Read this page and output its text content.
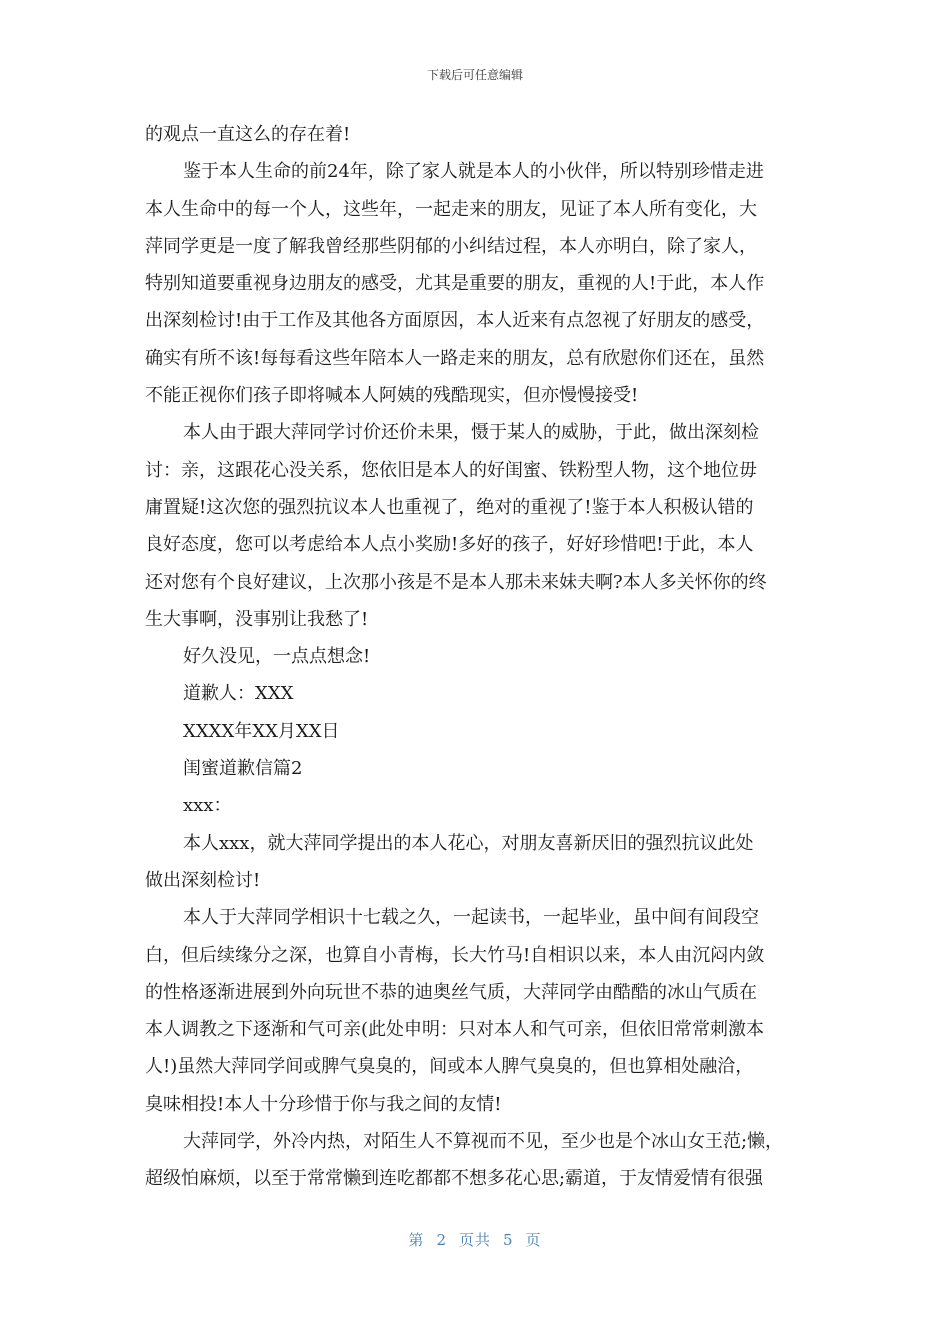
下载后可任意编辑
的观点一直这么的存在着!
鉴于本人生命的前24年，除了家人就是本人的小伙伴，所以特别珍惜走进
本人生命中的每一个人，这些年，一起走来的朋友，见证了本人所有变化，大
萍同学更是一度了解我曾经那些阴郁的小纠结过程，本人亦明白，除了家人，
特别知道要重视身边朋友的感受，尤其是重要的朋友，重视的人!于此，本人作
出深刻检讨!由于工作及其他各方面原因，本人近来有点忽视了好朋友的感受，
确实有所不该!每每看这些年陪本人一路走来的朋友，总有欣慰你们还在，虽然
不能正视你们孩子即将喊本人阿姨的残酷现实，但亦慢慢接受!
本人由于跟大萍同学讨价还价未果，慑于某人的威胁，于此，做出深刻检
讨：亲，这跟花心没关系，您依旧是本人的好闺蜜、铁粉型人物，这个地位毋
庸置疑!这次您的强烈抗议本人也重视了，绝对的重视了!鉴于本人积极认错的
良好态度，您可以考虑给本人点小奖励!多好的孩子，好好珍惜吧!于此，本人
还对您有个良好建议，上次那小孩是不是本人那未来妹夫啊?本人多关怀你的终
生大事啊，没事别让我愁了!
好久没见，一点点想念!
道歉人：XXX
XXXX年XX月XX日
闺蜜道歉信篇2
xxx：
本人xxx，就大萍同学提出的本人花心，对朋友喜新厌旧的强烈抗议此处
做出深刻检讨!
本人于大萍同学相识十七载之久，一起读书，一起毕业，虽中间有间段空
白，但后续缘分之深，也算自小青梅，长大竹马!自相识以来，本人由沉闷内敛
的性格逐渐进展到外向玩世不恭的迪奥丝气质，大萍同学由酷酷的冰山气质在
本人调教之下逐渐和气可亲(此处申明：只对本人和气可亲，但依旧常常刺激本
人!)虽然大萍同学间或脾气臭臭的，间或本人脾气臭臭的，但也算相处融洽，
臭味相投!本人十分珍惜于你与我之间的友情!
大萍同学，外冷内热，对陌生人不算视而不见，至少也是个冰山女王范;懒，
超级怕麻烦，以至于常常懒到连吃都都不想多花心思;霸道，于友情爱情有很强
第 2 页共 5 页
